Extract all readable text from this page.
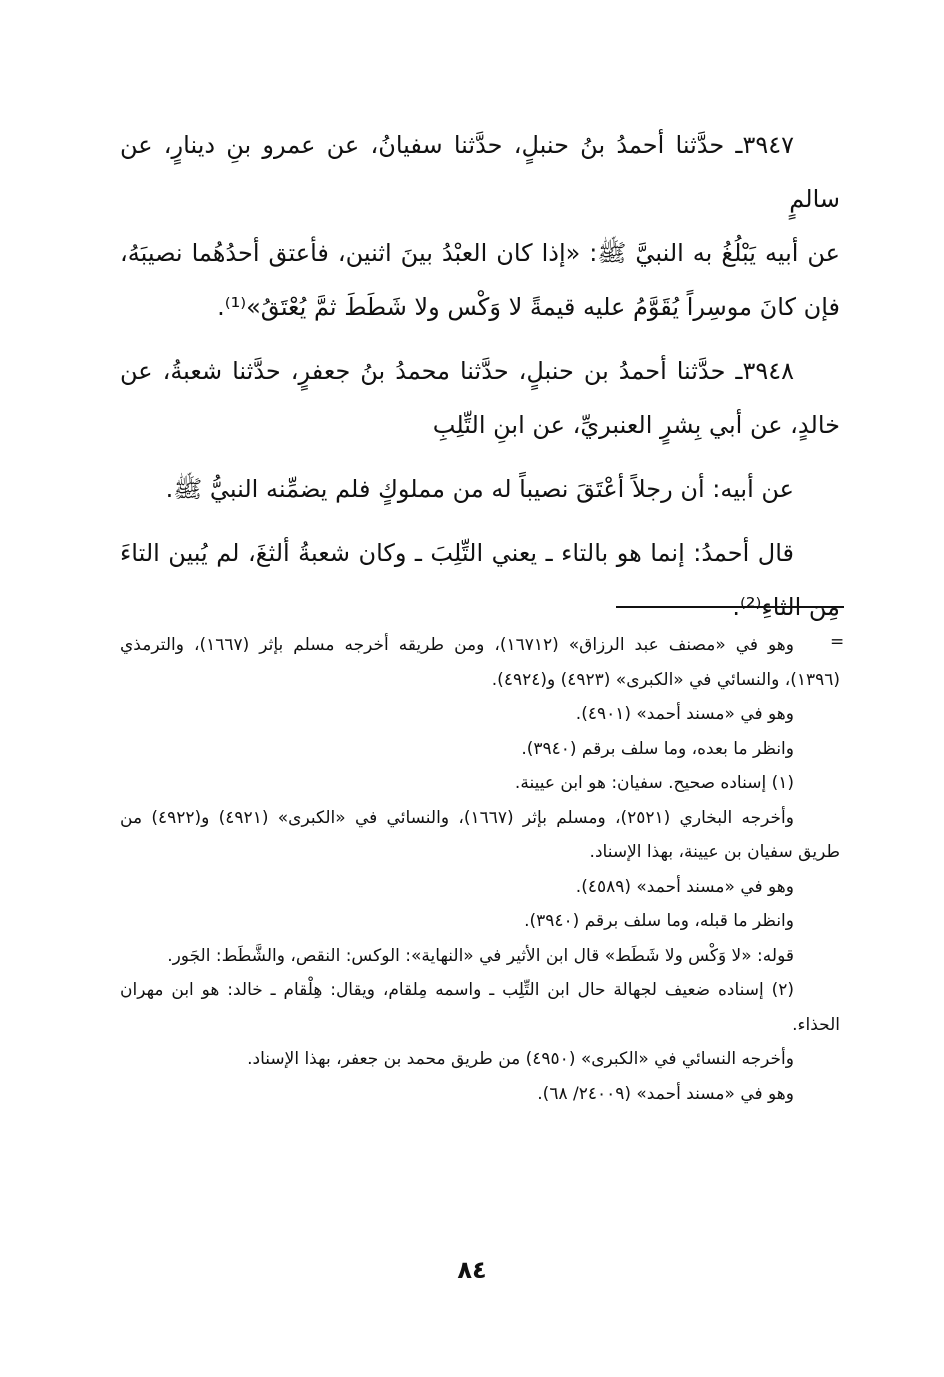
٣٩٤٧ـ حدَّثنا أحمدُ بنُ حنبلٍ، حدَّثنا سفيانُ، عن عمرو بنِ دينارٍ، عن سالمٍ

عن أبيه يَبْلُغُ به النبيَّ ﷺ: «إذا كان العبْدُ بينَ اثنين، فأعتق أحدُهُما نصيبَهُ، فإن كانَ موسِراً يُقَوَّمُ عليه قيمةً لا وَكْس ولا شَطَطَ ثمَّ يُعْتَقُ»⁽¹⁾.

٣٩٤٨ـ حدَّثنا أحمدُ بن حنبلٍ، حدَّثنا محمدُ بنُ جعفرٍ، حدَّثنا شعبةُ، عن خالدٍ، عن أبي بِشرٍ العنبريِّ، عن ابنِ التِّلِبِ

عن أبيه: أن رجلاً أعْتَقَ نصيباً له من مملوكٍ فلم يضمِّنه النبيُّ ﷺ.

قال أحمدُ: إنما هو بالتاء ـ يعني التِّلِبَ ـ وكان شعبةُ ألثغَ، لم يُبين التاءَ مِن الثاءِ⁽²⁾.

=

وهو في «مصنف عبد الرزاق» (١٦٧١٢)، ومن طريقه أخرجه مسلم بإثر (١٦٦٧)، والترمذي (١٣٩٦)، والنسائي في «الكبرى» (٤٩٢٣) و(٤٩٢٤).

وهو في «مسند أحمد» (٤٩٠١).

وانظر ما بعده، وما سلف برقم (٣٩٤٠).

(١) إسناده صحيح. سفيان: هو ابن عيينة.

وأخرجه البخاري (٢٥٢١)، ومسلم بإثر (١٦٦٧)، والنسائي في «الكبرى» (٤٩٢١) و(٤٩٢٢) من طريق سفيان بن عيينة، بهذا الإسناد.

وهو في «مسند أحمد» (٤٥٨٩).

وانظر ما قبله، وما سلف برقم (٣٩٤٠).

قوله: «لا وَكْس ولا شَطَط» قال ابن الأثير في «النهاية»: الوكس: النقص، والشَّطَط: الجَور.

(٢) إسناده ضعيف لجهالة حال ابن التِّلِب ـ واسمه مِلقام، ويقال: هِلْقام ـ خالد: هو ابن مهران الحذاء.

وأخرجه النسائي في «الكبرى» (٤٩٥٠) من طريق محمد بن جعفر، بهذا الإسناد.

وهو في «مسند أحمد» (٢٤٠٠٩/ ٦٨).

٨٤
